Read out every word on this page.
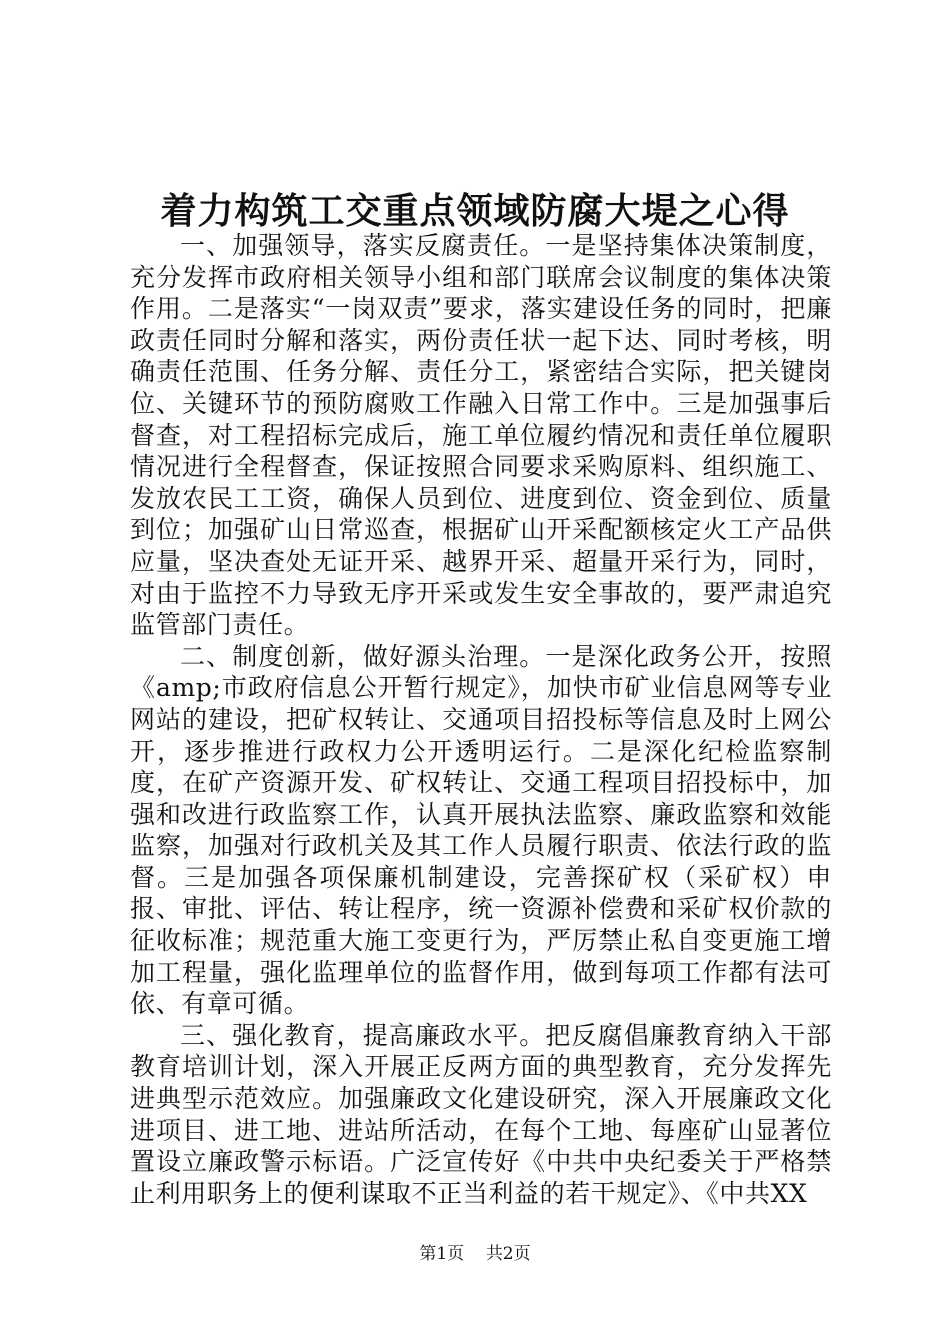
着力构筑工交重点领域防腐大堤之心得

一、加强领导，落实反腐责任。一是坚持集体决策制度，充分发挥市政府相关领导小组和部门联席会议制度的集体决策作用。二是落实“一岗双责”要求，落实建设任务的同时，把廉政责任同时分解和落实，两份责任状一起下达、同时考核，明确责任范围、任务分解、责任分工，紧密结合实际，把关键岗位、关键环节的预防腐败工作融入日常工作中。三是加强事后督查，对工程招标完成后，施工单位履约情况和责任单位履职情况进行全程督查，保证按照合同要求采购原料、组织施工、发放农民工工资，确保人员到位、进度到位、资金到位、质量到位；加强矿山日常巡查，根据矿山开采配额核定火工产品供应量，坚决查处无证开采、越界开采、超量开采行为，同时，对由于监控不力导致无序开采或发生安全事故的，要严肃追究监管部门责任。

二、制度创新，做好源头治理。一是深化政务公开，按照《amp;市政府信息公开暂行规定》，加快市矿业信息网等专业网站的建设，把矿权转让、交通项目招投标等信息及时上网公开，逐步推进行政权力公开透明运行。二是深化纪检监察制度，在矿产资源开发、矿权转让、交通工程项目招投标中，加强和改进行政监察工作，认真开展执法监察、廉政监察和效能监察，加强对行政机关及其工作人员履行职责、依法行政的监督。三是加强各项保廉机制建设，完善探矿权（采矿权）申报、审批、评估、转让程序，统一资源补偿费和采矿权价款的征收标准；规范重大施工变更行为，严厉禁止私自变更施工增加工程量，强化监理单位的监督作用，做到每项工作都有法可依、有章可循。

三、强化教育，提高廉政水平。把反腐倡廉教育纳入干部教育培训计划，深入开展正反两方面的典型教育，充分发挥先进典型示范效应。加强廉政文化建设研究，深入开展廉政文化进项目、进工地、进站所活动，在每个工地、每座矿山显著位置设立廉政警示标语。广泛宣传好《中共中央纪委关于严格禁止利用职务上的便利谋取不正当利益的若干规定》、《中共XX

第1页 共2页
